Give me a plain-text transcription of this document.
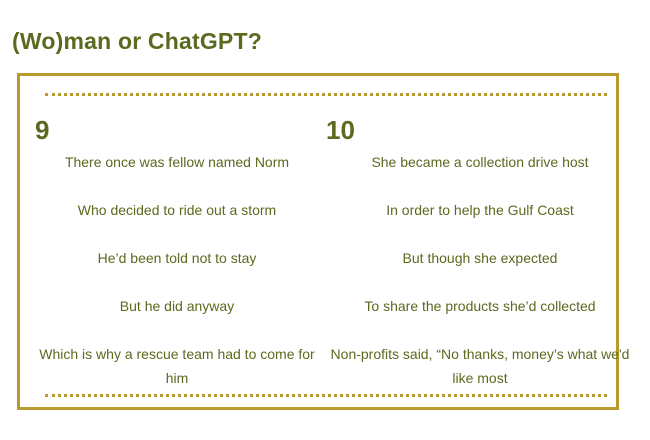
(Wo)man or ChatGPT?
9

There once was fellow named Norm

Who decided to ride out a storm

He’d been told not to stay

But he did anyway

Which is why a rescue team had to come for him

10

She became a collection drive host

In order to help the Gulf Coast

But though she expected

To share the products she’d collected

Non-profits said, “No thanks, money’s what we'd like most
